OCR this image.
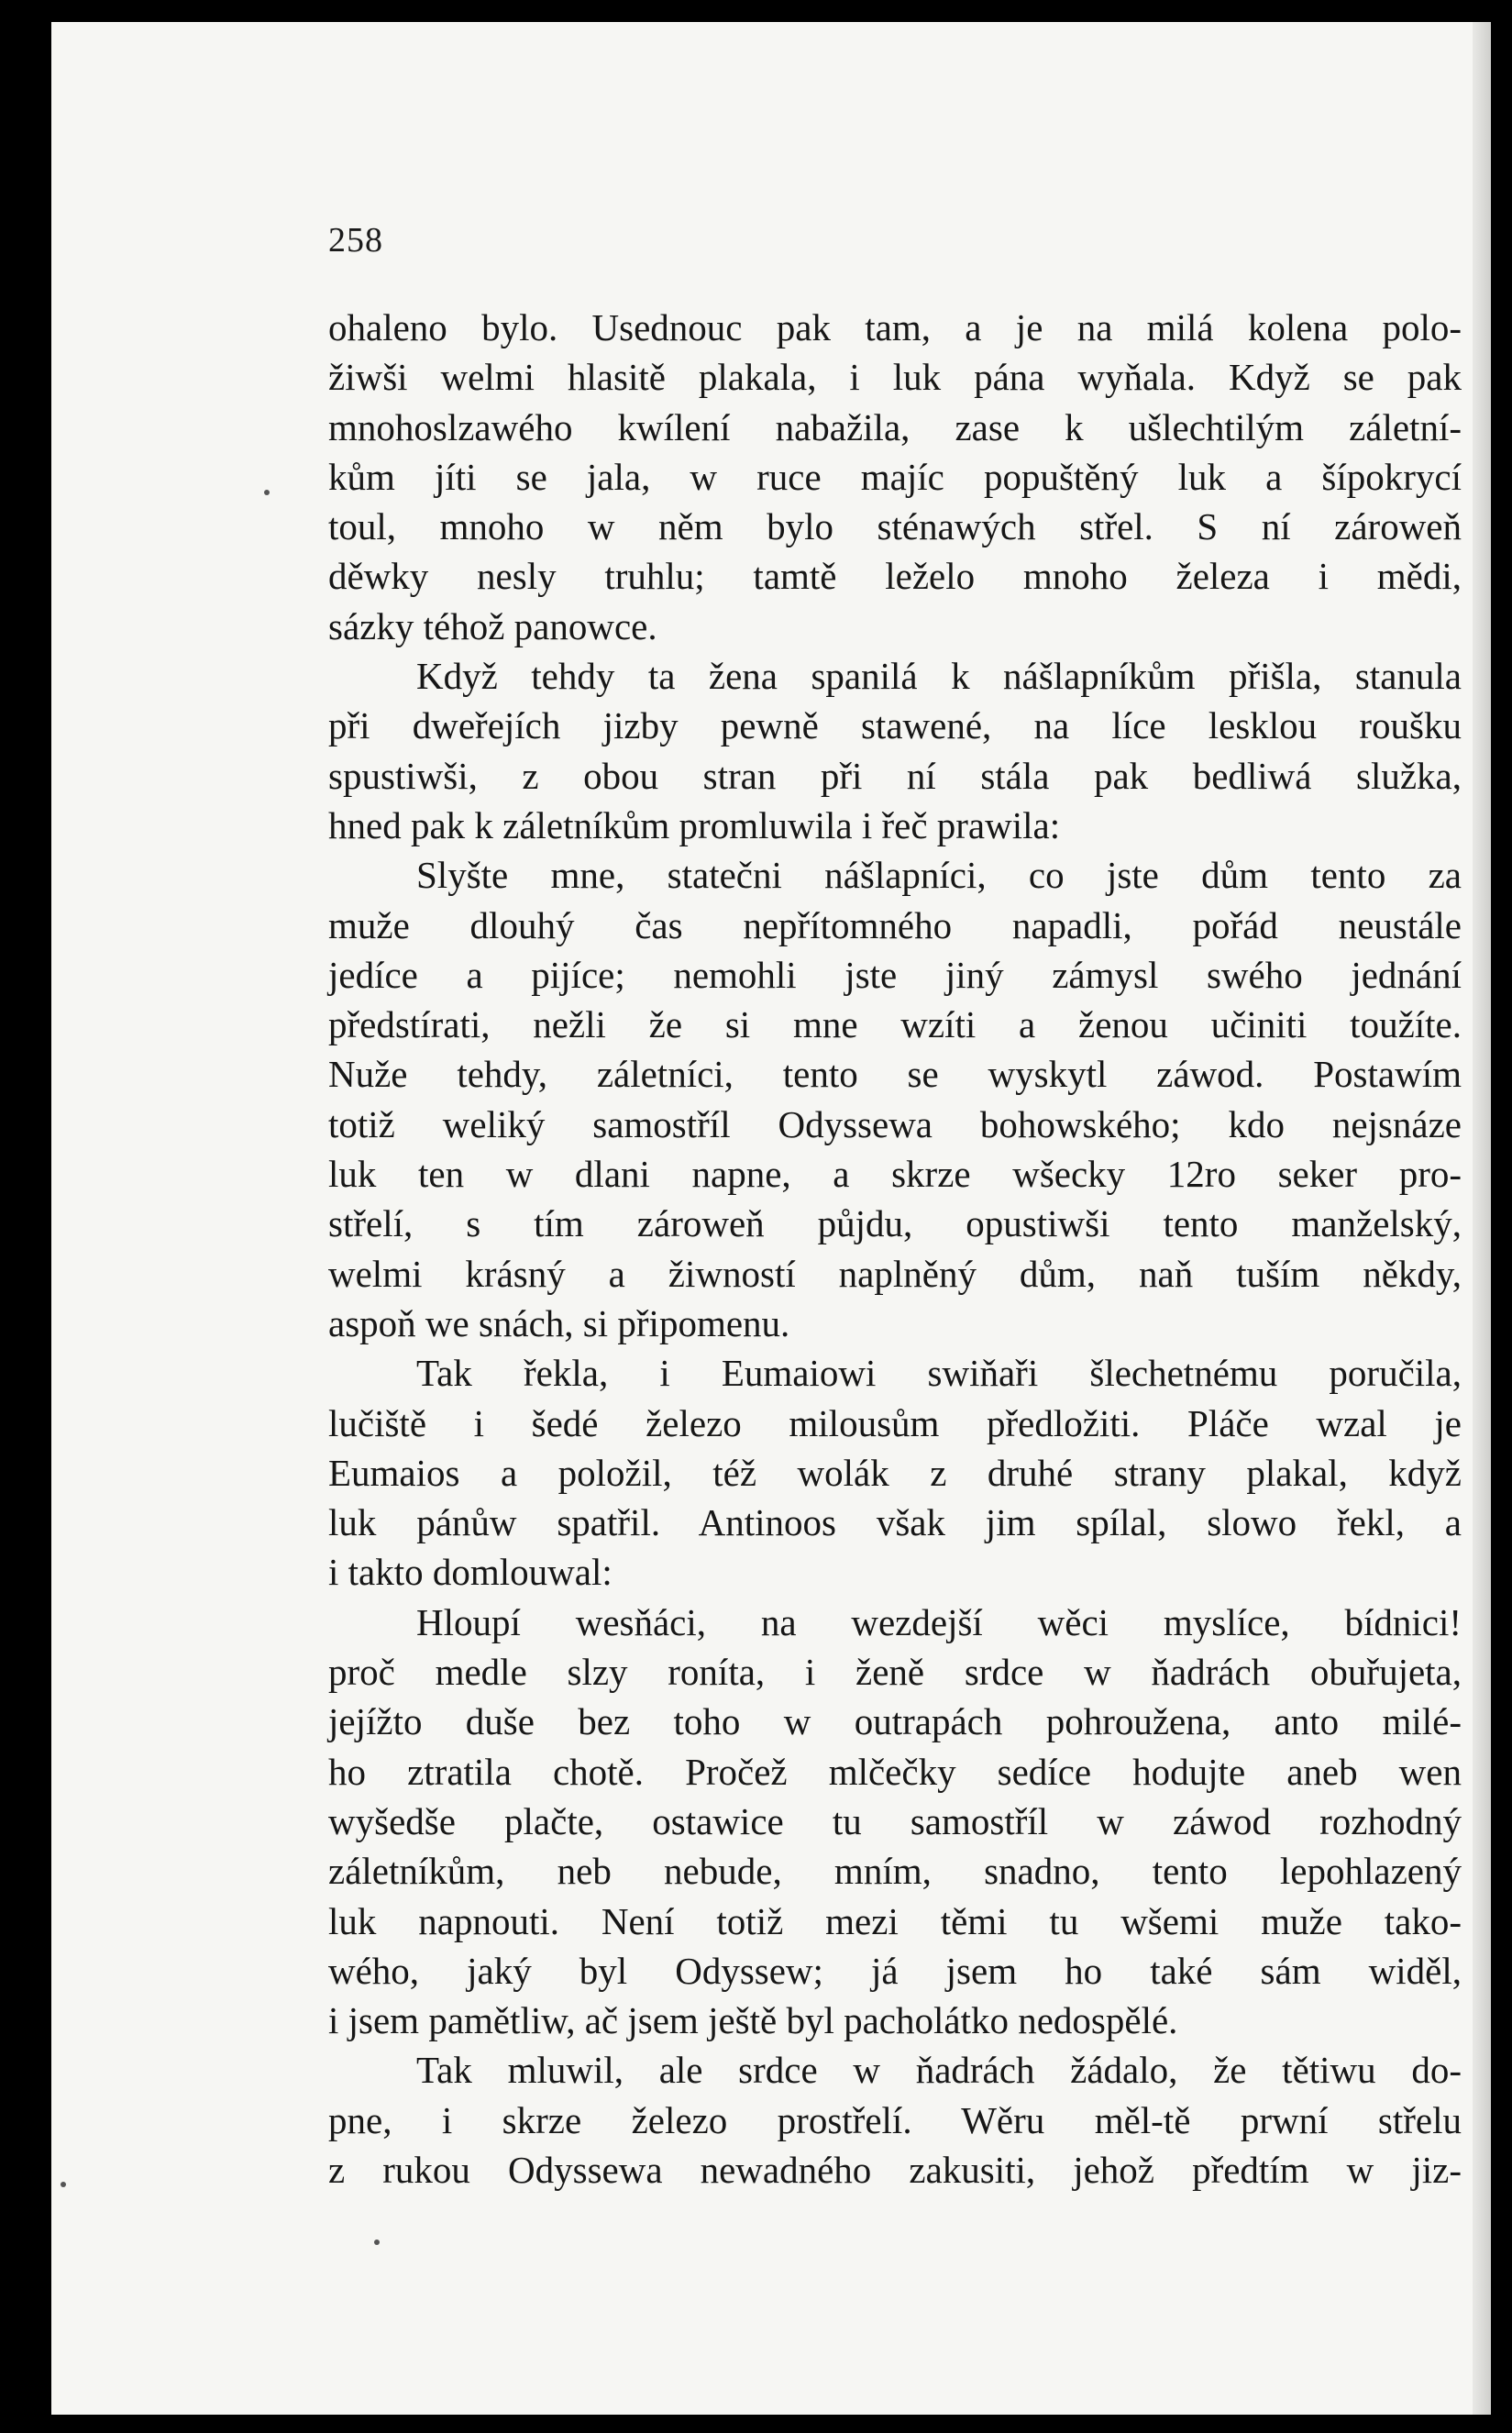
258
ohaleno bylo. Usednouc pak tam, a je na milá kolena polo-
žiwši welmi hlasitě plakala, i luk pána wyňala. Když se pak
mnohoslzawého kwílení nabažila, zase k ušlechtilým záletní-
kům jíti se jala, w ruce majíc popuštěný luk a šípokrycí
toul, mnoho w něm bylo sténawých střel. S ní zároweň
děwky nesly truhlu; tamtě leželo mnoho železa i mědi,
sázky téhož panowce.
Když tehdy ta žena spanilá k nášlapníkům přišla, stanula
při dweřejích jizby pewně stawené, na líce lesklou roušku
spustiwši, z obou stran při ní stála pak bedliwá služka,
hned pak k záletníkům promluwila i řeč prawila:
Slyšte mne, statečni nášlapníci, co jste dům tento za
muže dlouhý čas nepřítomného napadli, pořád neustále
jedíce a pijíce; nemohli jste jiný zámysl swého jednání
předstírati, nežli že si mne wzíti a ženou učiniti toužíte.
Nuže tehdy, záletníci, tento se wyskytl záwod. Postawím
totiž weliký samostříl Odyssewa bohowského; kdo nejsnáze
luk ten w dlani napne, a skrze wšecky 12ro seker pro-
střelí, s tím zároweň půjdu, opustiwši tento manželský,
welmi krásný a žiwností naplněný dům, naň tuším někdy,
aspoň we snách, si připomenu.
Tak řekla, i Eumaiowi swiňaři šlechetnému poručila,
lučiště i šedé železo milousům předložiti. Pláče wzal je
Eumaios a položil, též wolák z druhé strany plakal, když
luk pánůw spatřil. Antinoos však jim spílal, slowo řekl, a
i takto domlouwal:
Hloupí wesňáci, na wezdejší wěci myslíce, bídnici!
proč medle slzy roníta, i ženě srdce w ňadrách obuřujeta,
jejížto duše bez toho w outrapách pohroužena, anto milé-
ho ztratila chotě. Pročež mlčečky sedíce hodujte aneb wen
wyšedše plačte, ostawice tu samostříl w záwod rozhodný
záletníkům, neb nebude, mním, snadno, tento lepohlazený
luk napnouti. Není totiž mezi těmi tu wšemi muže tako-
wého, jaký byl Odyssew; já jsem ho také sám widěl,
i jsem pamětliw, ač jsem ještě byl pacholátko nedospělé.
Tak mluwil, ale srdce w ňadrách žádalo, že tětiwu do-
pne, i skrze železo prostřelí. Wěru měl-tě prwní střelu
z rukou Odyssewa newadného zakusiti, jehož předtím w jiz-
